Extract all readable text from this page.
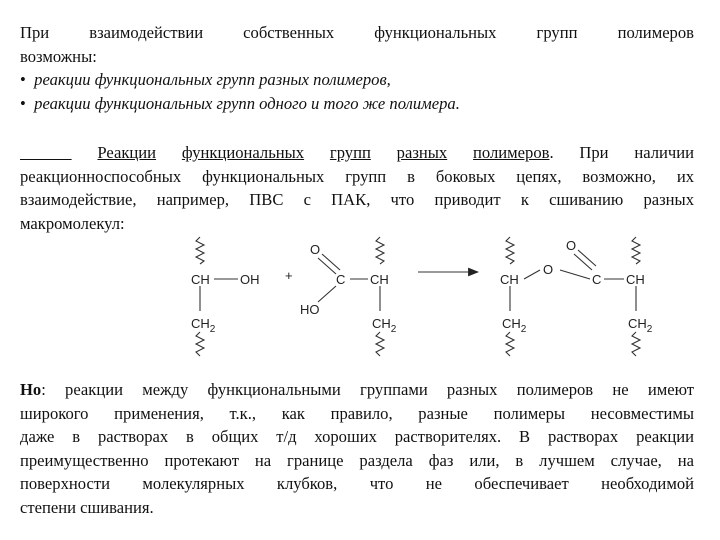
При взаимодействии собственных функциональных групп полимеров
возможны:
• реакции функциональных групп разных полимеров,
• реакции функциональных групп одного и того же полимера.
Реакции функциональных групп разных полимеров. При наличии
реакционноспособных функциональных групп в боковых цепях, возможно, их
взаимодействие, например, ПВС с ПАК, что приводит к сшиванию разных
макромолекул:
CH OH
$CH_2$
+
O
C CH
HO
$CH_2$
CH
O
O
C CH
$CH_2$	$CH_2$
Но: реакции между функциональными группами разных полимеров не имеют
широкого применения, т.к., как правило, разные полимеры несовместимы
даже в растворах в общих т/д хороших растворителях. В растворах реакции
преимущественно протекают на границе раздела фаз или, в лучшем случае, на
поверхности молекулярных клубков, что не обеспечивает необходимой
степени сшивания.
